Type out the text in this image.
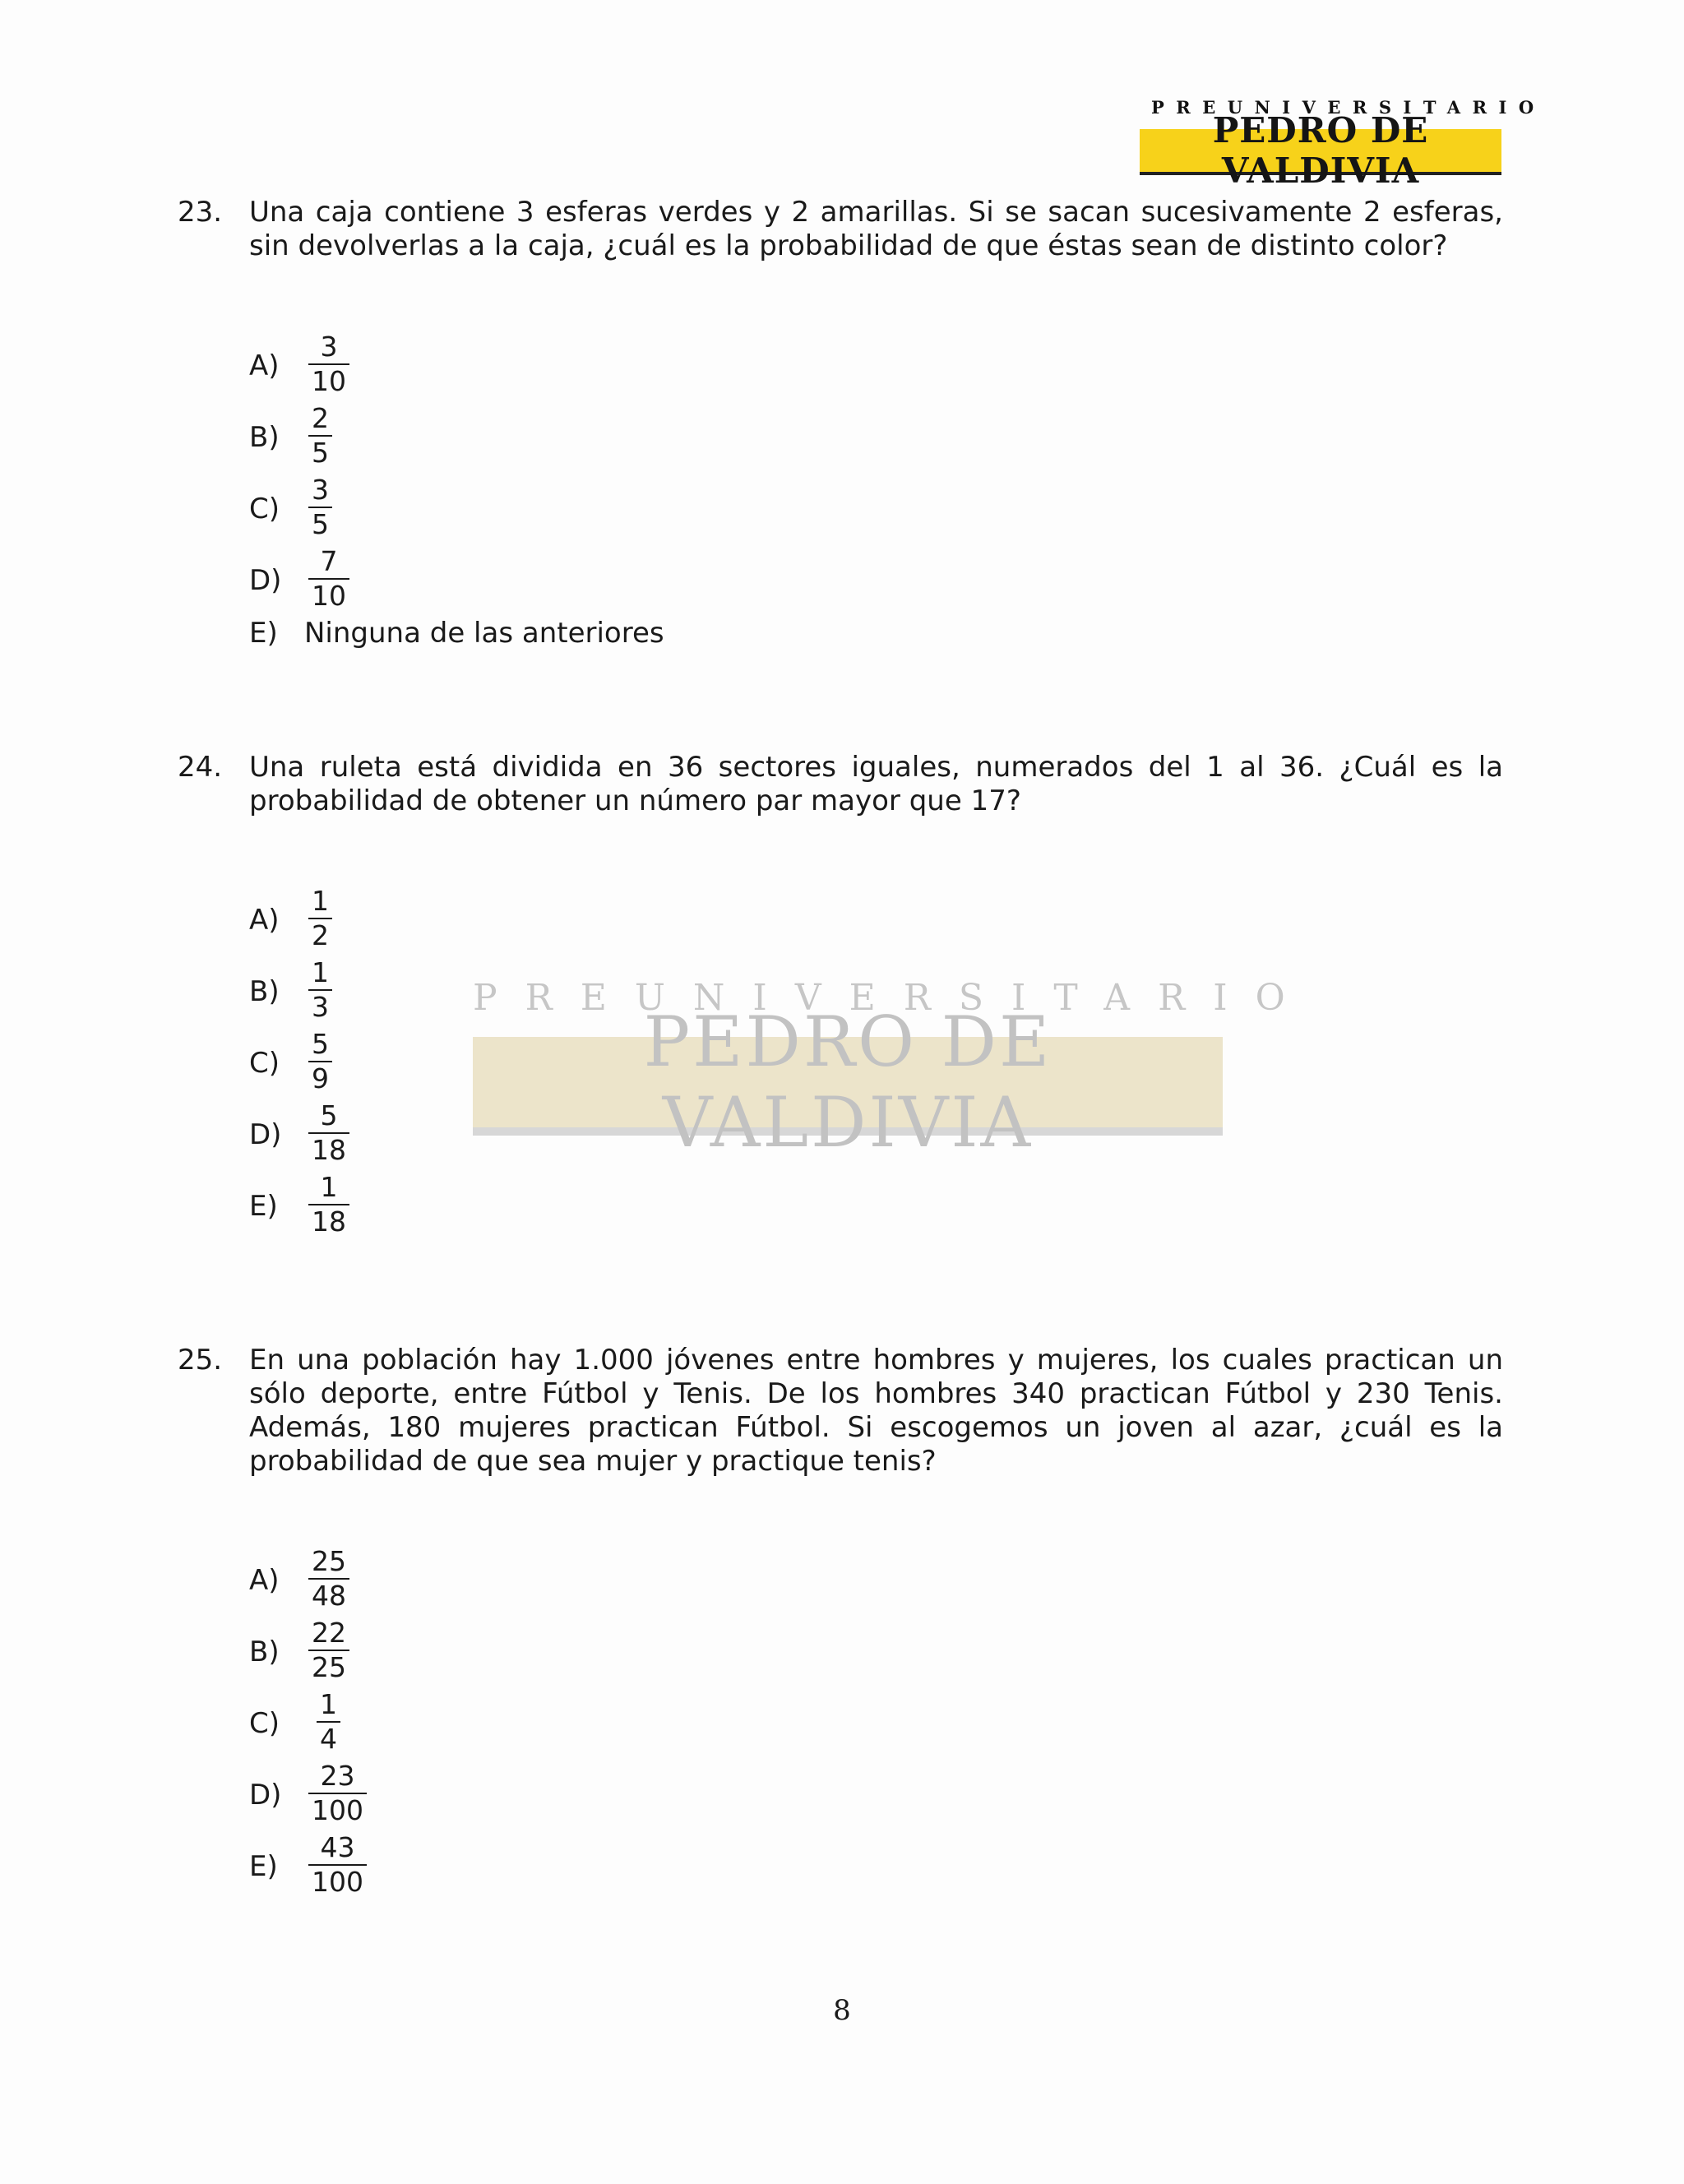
PREUNIVERSITARIO
PEDRO DE VALDIVIA
PREUNIVERSITARIO
PEDRO DE VALDIVIA
23. Una caja contiene 3 esferas verdes y 2 amarillas. Si se sacan sucesivamente 2 esferas, sin devolverlas a la caja, ¿cuál es la probabilidad de que éstas sean de distinto color?
A)
3
10
B)
2
5
C)
3
5
D)
7
10
E) Ninguna de las anteriores
24. Una ruleta está dividida en 36 sectores iguales, numerados del 1 al 36. ¿Cuál es la probabilidad de obtener un número par mayor que 17?
A)
1
2
B)
1
3
C)
5
9
D)
5
18
E)
1
18
25. En una población hay 1.000 jóvenes entre hombres y mujeres, los cuales practican un sólo deporte, entre Fútbol y Tenis. De los hombres 340 practican Fútbol y 230 Tenis. Además, 180 mujeres practican Fútbol. Si escogemos un joven al azar, ¿cuál es la probabilidad de que sea mujer y practique tenis?
A)
25
48
B)
22
25
C)
1
4
D)
23
100
E)
43
100
8
